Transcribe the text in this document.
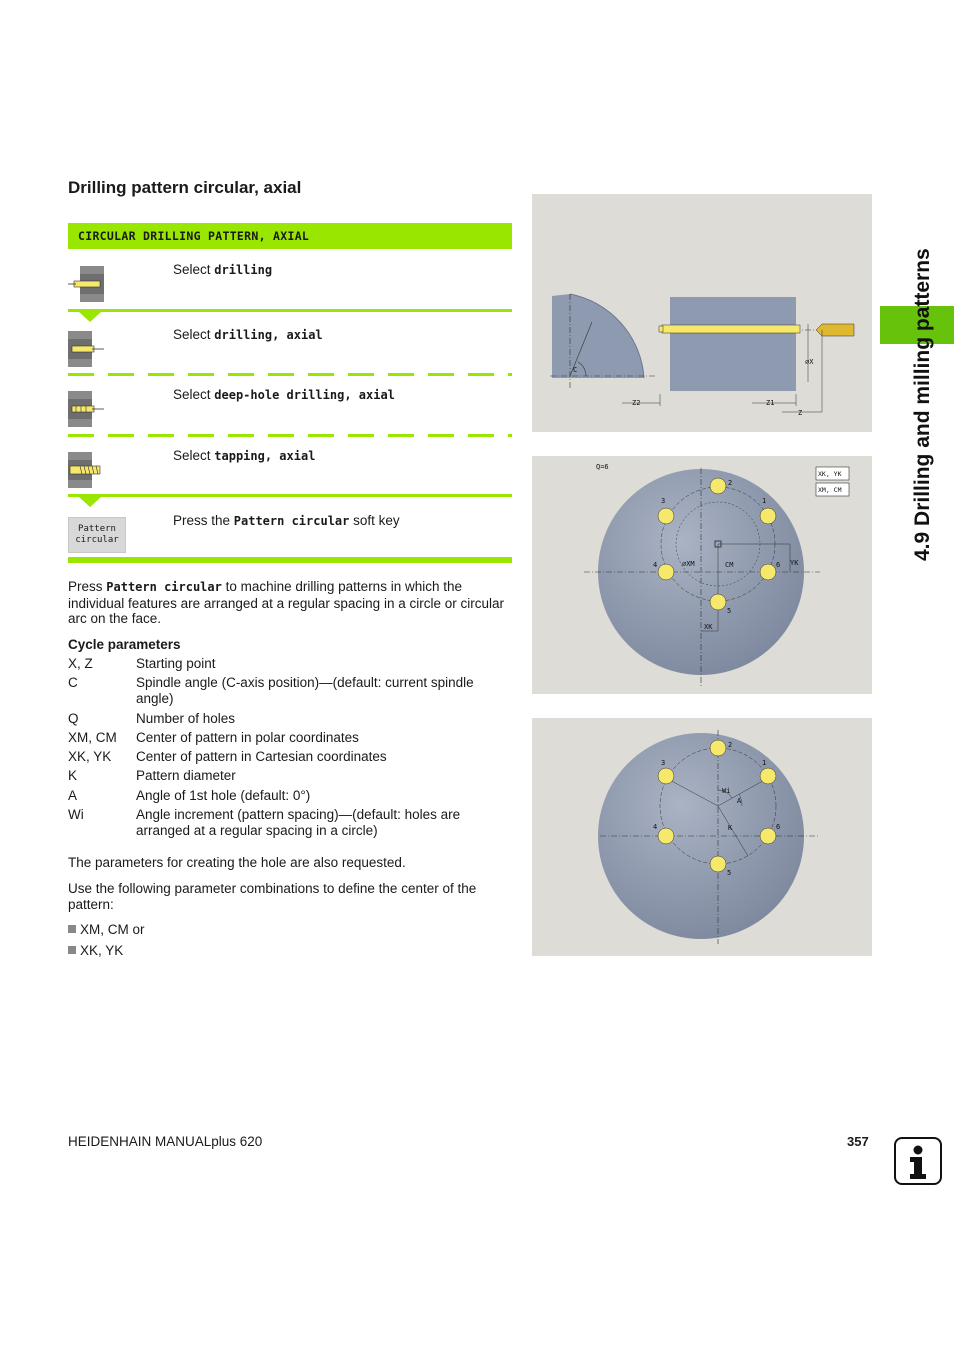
Drilling pattern circular, axial
CIRCULAR DRILLING PATTERN, AXIAL
Select drilling
Select drilling, axial
Select deep-hole drilling, axial
Select tapping, axial
Pattern
circular
Press the Pattern circular soft key
Press Pattern circular to machine drilling patterns in which the individual features are arranged at a regular spacing in a circle or circular arc on the face.
Cycle parameters
X, Z	Starting point
C	Spindle angle (C-axis position)—(default: current spindle angle)
Q	Number of holes
XM, CM	Center of pattern in polar coordinates
XK, YK	Center of pattern in Cartesian coordinates
K	Pattern diameter
A	Angle of 1st hole (default: 0°)
Wi	Angle increment (pattern spacing)—(default: holes are arranged at a regular spacing in a circle)
The parameters for creating the hole are also requested.
Use the following parameter combinations to define the center of the pattern:
XM, CM or
XK, YK
C
⌀X
Z2	Z1
Z
2
3	1
4	6
5
⌀XM	CM	YK
XK
Q=6
XK, YK
XM, CM
2
3	1
4	6
5
Wi
A
K
4.9 Drilling and milling patterns
HEIDENHAIN MANUALplus 620	357
